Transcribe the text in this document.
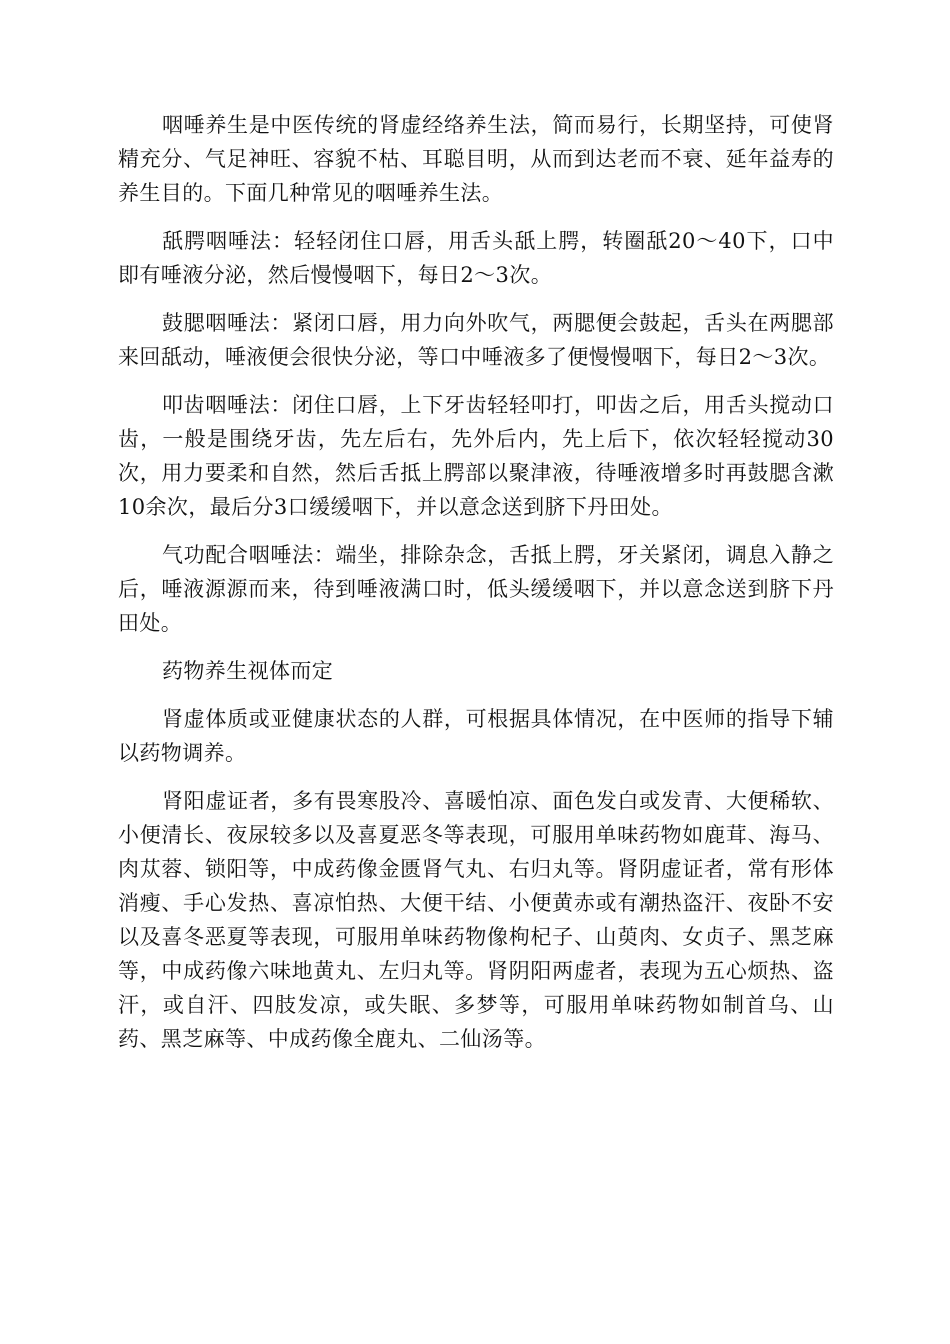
咽唾养生是中医传统的肾虚经络养生法，简而易行，长期坚持，可使肾精充分、气足神旺、容貌不枯、耳聪目明，从而到达老而不衰、延年益寿的养生目的。下面几种常见的咽唾养生法。

舐腭咽唾法：轻轻闭住口唇，用舌头舐上腭，转圈舐20～40下，口中即有唾液分泌，然后慢慢咽下，每日2～3次。

鼓腮咽唾法：紧闭口唇，用力向外吹气，两腮便会鼓起，舌头在两腮部来回舐动，唾液便会很快分泌，等口中唾液多了便慢慢咽下，每日2～3次。

叩齿咽唾法：闭住口唇，上下牙齿轻轻叩打，叩齿之后，用舌头搅动口齿，一般是围绕牙齿，先左后右，先外后内，先上后下，依次轻轻搅动30次，用力要柔和自然，然后舌抵上腭部以聚津液，待唾液增多时再鼓腮含漱10余次，最后分3口缓缓咽下，并以意念送到脐下丹田处。

气功配合咽唾法：端坐，排除杂念，舌抵上腭，牙关紧闭，调息入静之后，唾液源源而来，待到唾液满口时，低头缓缓咽下，并以意念送到脐下丹田处。

药物养生视体而定

肾虚体质或亚健康状态的人群，可根据具体情况，在中医师的指导下辅以药物调养。

肾阳虚证者，多有畏寒股冷、喜暖怕凉、面色发白或发青、大便稀软、小便清长、夜尿较多以及喜夏恶冬等表现，可服用单味药物如鹿茸、海马、肉苁蓉、锁阳等，中成药像金匮肾气丸、右归丸等。肾阴虚证者，常有形体消瘦、手心发热、喜凉怕热、大便干结、小便黄赤或有潮热盗汗、夜卧不安以及喜冬恶夏等表现，可服用单味药物像枸杞子、山萸肉、女贞子、黑芝麻等，中成药像六味地黄丸、左归丸等。肾阴阳两虚者，表现为五心烦热、盗汗，或自汗、四肢发凉，或失眠、多梦等，可服用单味药物如制首乌、山药、黑芝麻等、中成药像全鹿丸、二仙汤等。
